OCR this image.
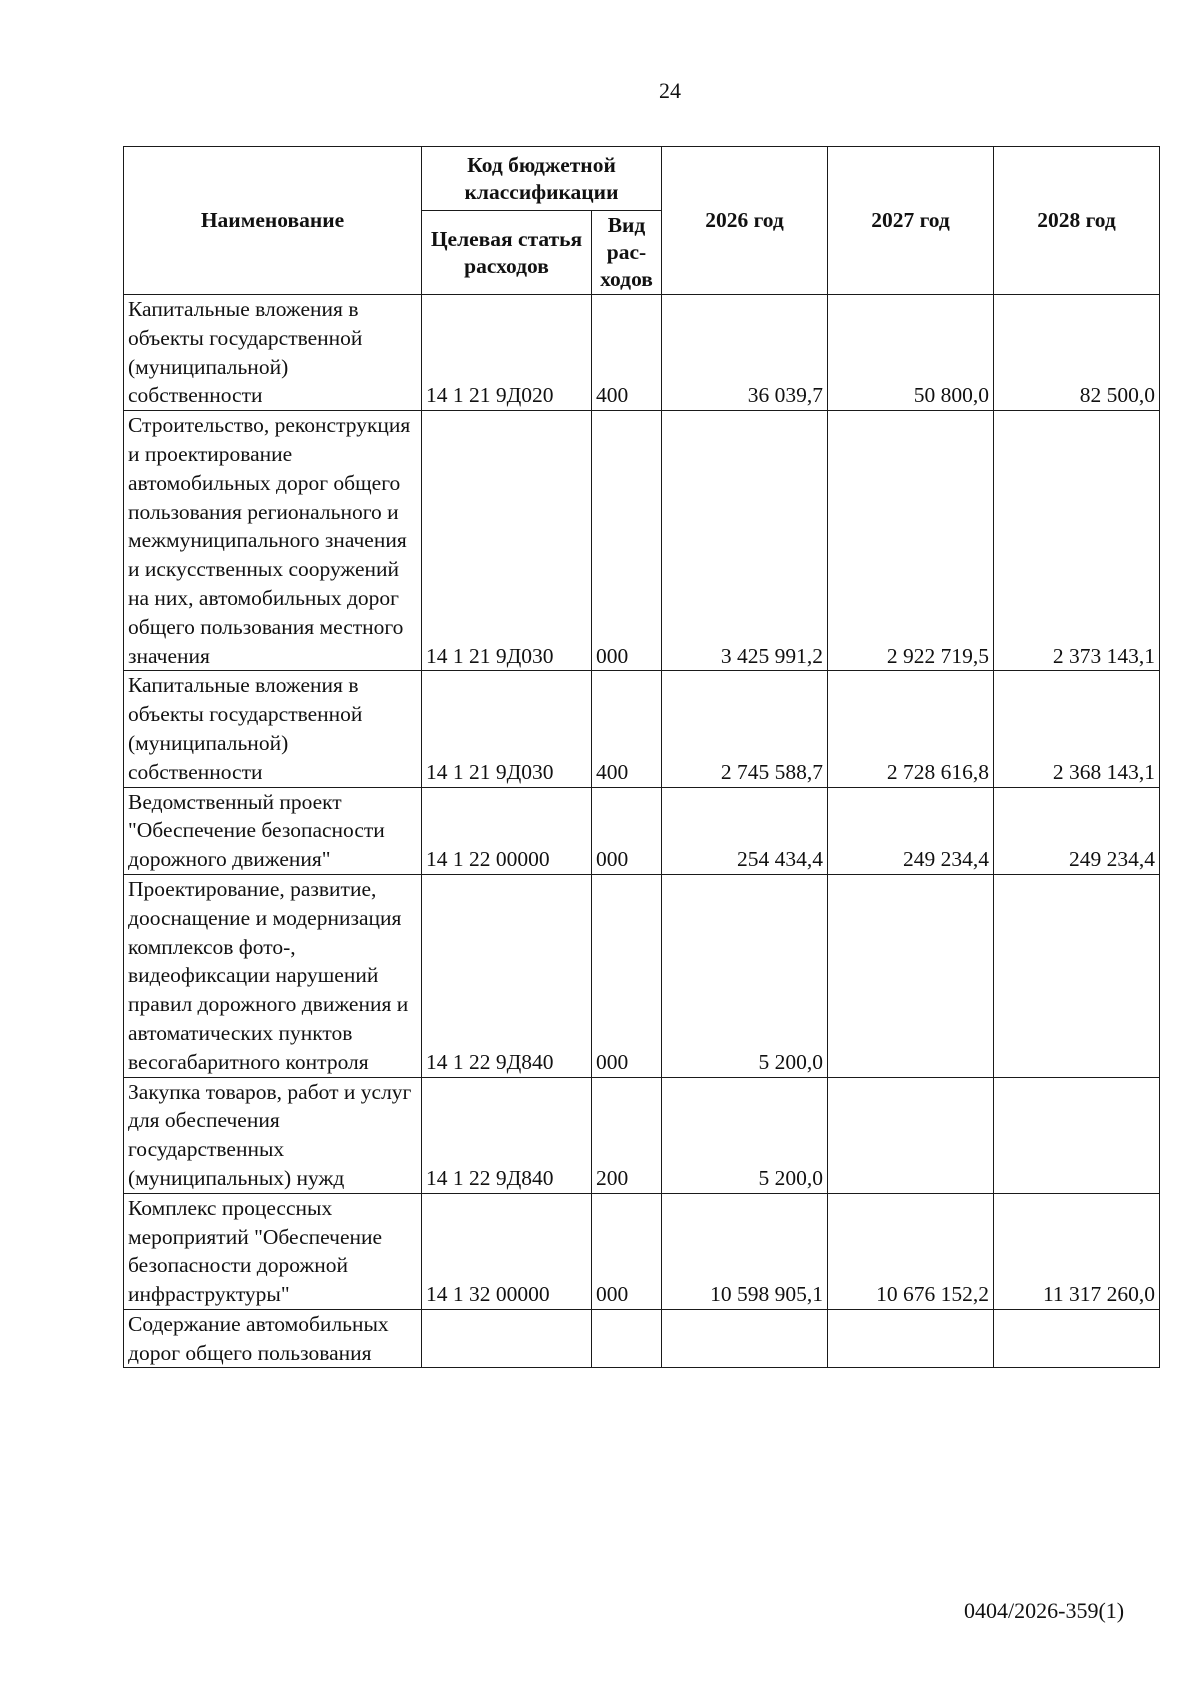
24
Наименование	Код бюджетной классификации		2026 год	2027 год	2028 год
	Целевая статья расходов	Вид рас-ходов			
Капитальные вложения в объекты государственной (муниципальной) собственности	14 1 21 9Д020	400	36 039,7	50 800,0	82 500,0
Строительство, реконструкция и проектирование автомобильных дорог общего пользования регионального и межмуниципального значения и искусственных сооружений на них, автомобильных дорог общего пользования местного значения	14 1 21 9Д030	000	3 425 991,2	2 922 719,5	2 373 143,1
Капитальные вложения в объекты государственной (муниципальной) собственности	14 1 21 9Д030	400	2 745 588,7	2 728 616,8	2 368 143,1
Ведомственный проект "Обеспечение безопасности дорожного движения"	14 1 22 00000	000	254 434,4	249 234,4	249 234,4
Проектирование, развитие, дооснащение и модернизация комплексов фото-, видеофиксации нарушений правил дорожного движения и автоматических пунктов весогабаритного контроля	14 1 22 9Д840	000	5 200,0		
Закупка товаров, работ и услуг для обеспечения государственных (муниципальных) нужд	14 1 22 9Д840	200	5 200,0		
Комплекс процессных мероприятий "Обеспечение безопасности дорожной инфраструктуры"	14 1 32 00000	000	10 598 905,1	10 676 152,2	11 317 260,0
Содержание автомобильных дорог общего пользования					
0404/2026-359(1)
